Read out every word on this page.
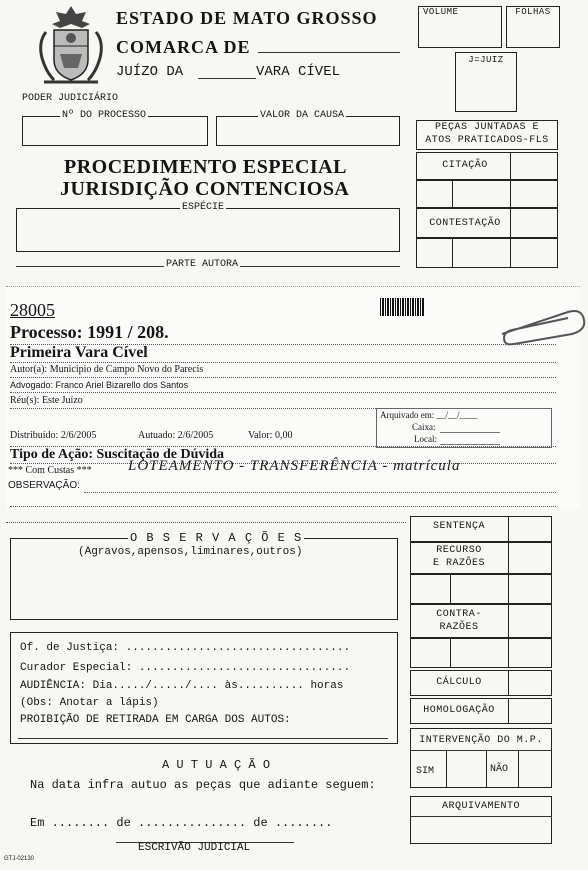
ESTADO DE MATO GROSSO
COMARCA DE
JUÍZO DA	VARA CÍVEL
PODER JUDICIÁRIO
VOLUME	FOLHAS
J=JUIZ
PEÇAS JUNTADAS E
ATOS PRATICADOS-FLS
CITAÇÃO
CONTESTAÇÃO
Nº DO PROCESSO	VALOR DA CAUSA
PROCEDIMENTO ESPECIAL
JURISDIÇÃO CONTENCIOSA
ESPÉCIE
PARTE AUTORA
28005
Processo: 1991 / 208.
Primeira Vara Cível
Autor(a): Municipio de Campo Novo do Parecis
Advogado: Franco Ariel Bizarello dos Santos
Réu(s): Este Juízo
Arquivado em: __/__/____
Caixa:
Local:
Distribuído: 2/6/2005	Autuado: 2/6/2005	Valor: 0,00
Tipo de Ação: Suscitação de Dúvida
*** Com Custas *** LOTEAMENTO - TRANSFERÊNCIA - matrícula
OBSERVAÇÃO:
O B S E R V A Ç Õ E S
(Agravos,apensos,liminares,outros)
SENTENÇA
RECURSO
E RAZÕES
CONTRA-
RAZÕES
CÁLCULO
HOMOLOGAÇÃO
INTERVENÇÃO DO M.P.
SIM	NÃO
ARQUIVAMENTO
Of. de Justiça: ..................................
Curador Especial: ................................
AUDIÊNCIA: Dia...../...../.... às.......... horas
(Obs: Anotar a lápis)
PROIBIÇÃO DE RETIRADA EM CARGA DOS AUTOS:
A U T U A Ç Ã O
Na data infra autuo as peças que adiante seguem:
Em ........ de ............... de ........
ESCRIVÃO JUDICIAL
GTJ-02130
